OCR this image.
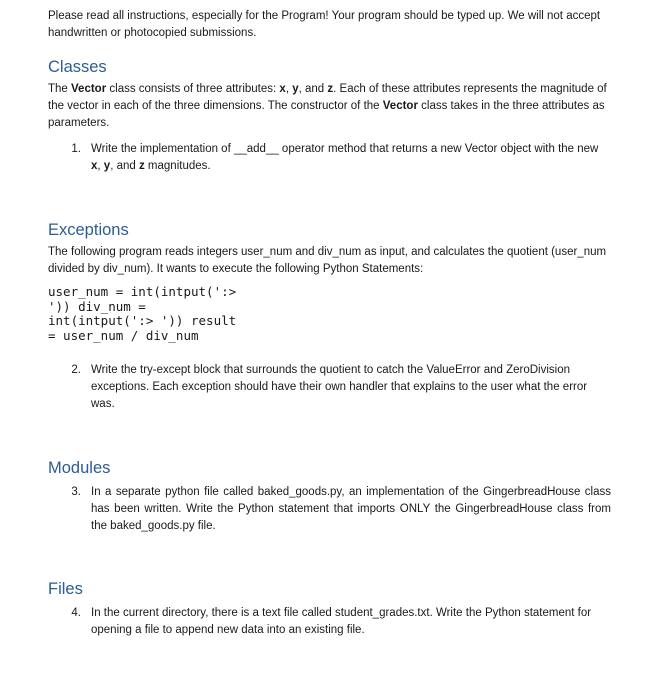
Please read all instructions, especially for the Program! Your program should be typed up. We will not accept handwritten or photocopied submissions.

Classes

The Vector class consists of three attributes: x, y, and z. Each of these attributes represents the magnitude of the vector in each of the three dimensions. The constructor of the Vector class takes in the three attributes as parameters.

1. Write the implementation of __add__ operator method that returns a new Vector object with the new x, y, and z magnitudes.
Exceptions

The following program reads integers user_num and div_num as input, and calculates the quotient (user_num divided by div_num). It wants to execute the following Python Statements:

user_num = int(intput(':>
')) div_num =
int(intput(':> ')) result
= user_num / div_num
2. Write the try-except block that surrounds the quotient to catch the ValueError and ZeroDivision exceptions. Each exception should have their own handler that explains to the user what the error was.
Modules
3. In a separate python file called baked_goods.py, an implementation of the GingerbreadHouse class has been written. Write the Python statement that imports ONLY the GingerbreadHouse class from the baked_goods.py file.
Files
4. In the current directory, there is a text file called student_grades.txt. Write the Python statement for opening a file to append new data into an existing file.
